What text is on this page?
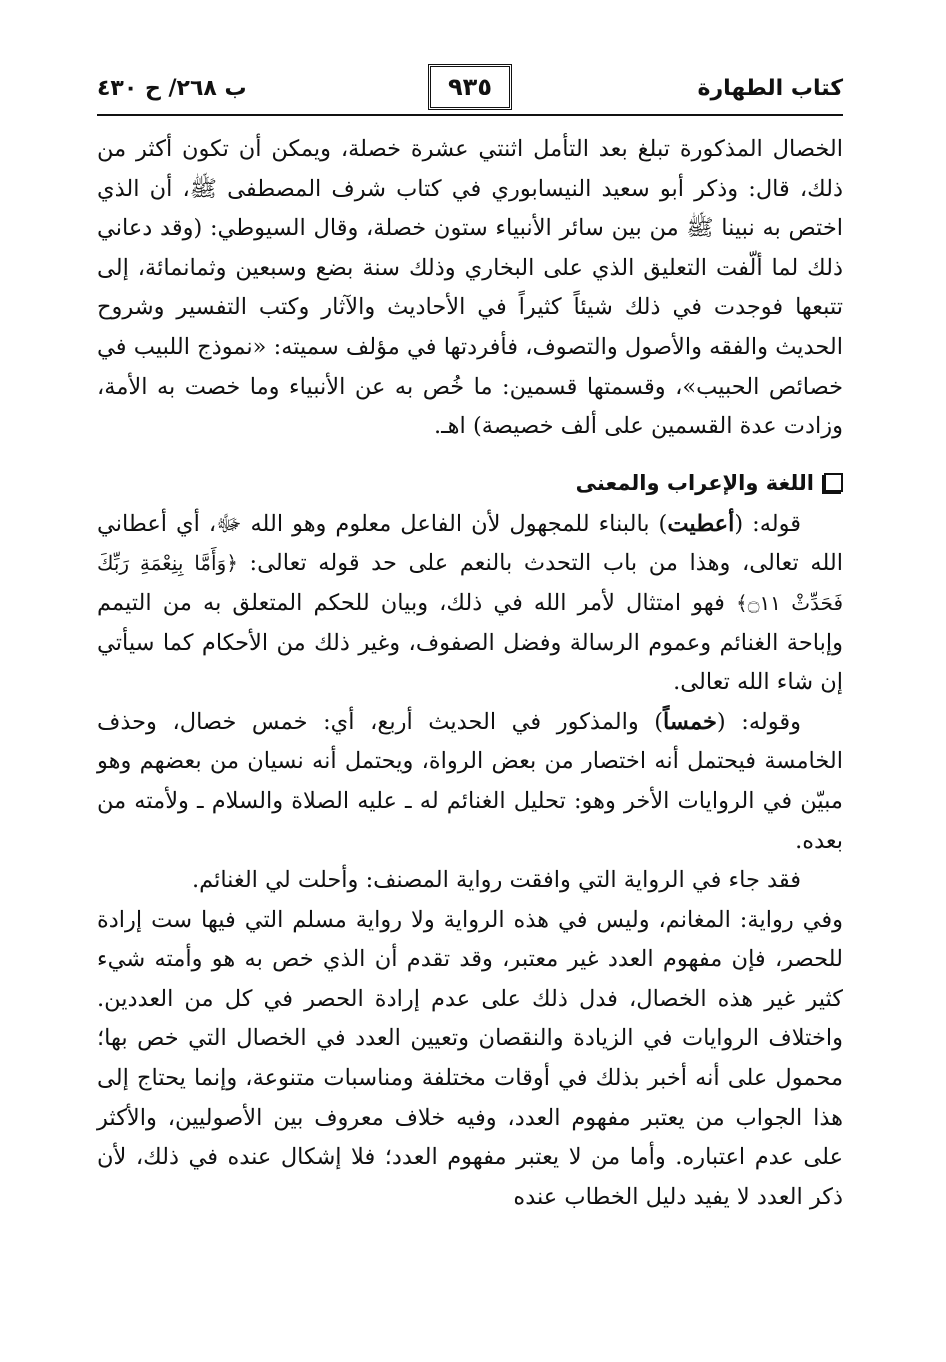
كتاب الطهارة
٩٣٥
ب ٢٦٨/ ح ٤٣٠

الخصال المذكورة تبلغ بعد التأمل اثنتي عشرة خصلة، ويمكن أن تكون أكثر من ذلك، قال: وذكر أبو سعيد النيسابوري في كتاب شرف المصطفى ﷺ، أن الذي اختص به نبينا ﷺ من بين سائر الأنبياء ستون خصلة، وقال السيوطي: (وقد دعاني ذلك لما ألّفت التعليق الذي على البخاري وذلك سنة بضع وسبعين وثمانمائة، إلى تتبعها فوجدت في ذلك شيئاً كثيراً في الأحاديث والآثار وكتب التفسير وشروح الحديث والفقه والأصول والتصوف، فأفردتها في مؤلف سميته: «نموذج اللبيب في خصائص الحبيب»، وقسمتها قسمين: ما خُص به عن الأنبياء وما خصت به الأمة، وزادت عدة القسمين على ألف خصيصة) اهـ.

اللغة والإعراب والمعنى

قوله: (أعطيت) بالبناء للمجهول لأن الفاعل معلوم وهو الله ﷻ، أي أعطاني الله تعالى، وهذا من باب التحدث بالنعم على حد قوله تعالى: ﴿وَأَمَّا بِنِعْمَةِ رَبِّكَ فَحَدِّثْ ۝١١﴾ فهو امتثال لأمر الله في ذلك، وبيان للحكم المتعلق به من التيمم وإباحة الغنائم وعموم الرسالة وفضل الصفوف، وغير ذلك من الأحكام كما سيأتي إن شاء الله تعالى.

وقوله: (خمساً) والمذكور في الحديث أربع، أي: خمس خصال، وحذف الخامسة فيحتمل أنه اختصار من بعض الرواة، ويحتمل أنه نسيان من بعضهم وهو مبيّن في الروايات الأخر وهو: تحليل الغنائم له ـ عليه الصلاة والسلام ـ ولأمته من بعده.

فقد جاء في الرواية التي وافقت رواية المصنف: وأحلت لي الغنائم.

وفي رواية: المغانم، وليس في هذه الرواية ولا رواية مسلم التي فيها ست إرادة للحصر، فإن مفهوم العدد غير معتبر، وقد تقدم أن الذي خص به هو وأمته شيء كثير غير هذه الخصال، فدل ذلك على عدم إرادة الحصر في كل من العددين. واختلاف الروايات في الزيادة والنقصان وتعيين العدد في الخصال التي خص بها؛ محمول على أنه أخبر بذلك في أوقات مختلفة ومناسبات متنوعة، وإنما يحتاج إلى هذا الجواب من يعتبر مفهوم العدد، وفيه خلاف معروف بين الأصوليين، والأكثر على عدم اعتباره. وأما من لا يعتبر مفهوم العدد؛ فلا إشكال عنده في ذلك، لأن ذكر العدد لا يفيد دليل الخطاب عنده
